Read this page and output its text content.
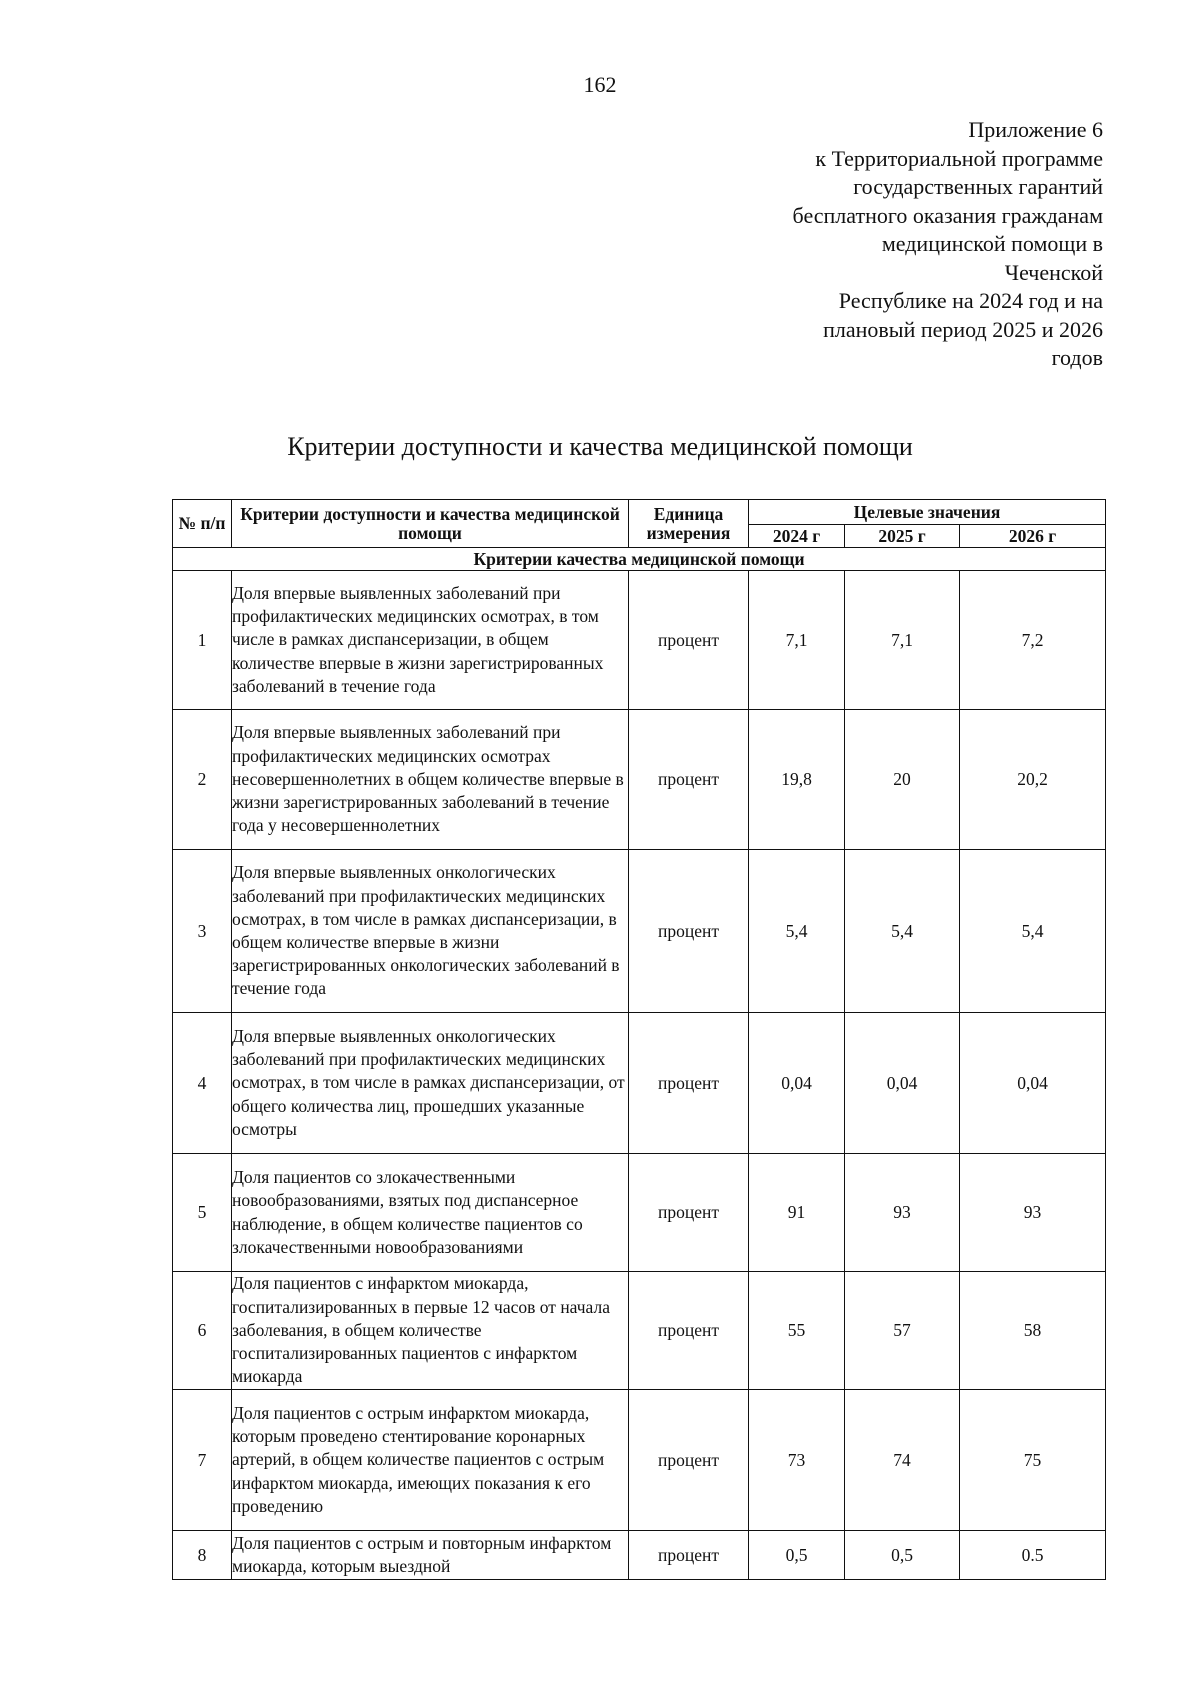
162
Приложение 6
к Территориальной программе
государственных гарантий
бесплатного оказания гражданам
медицинской помощи в
Чеченской
Республике на 2024 год и на
плановый период 2025 и 2026
годов
Критерии доступности и качества медицинской помощи
№ п/п	Критерии доступности и качества медицинской помощи	Единица измерения	Целевые значения		
			2024 г	2025 г	2026 г
Критерии качества медицинской помощи					
1	Доля впервые выявленных заболеваний при профилактических медицинских осмотрах, в том числе в рамках диспансеризации, в общем количестве впервые в жизни зарегистрированных заболеваний в течение года	процент	7,1	7,1	7,2
2	Доля впервые выявленных заболеваний при профилактических медицинских осмотрах несовершеннолетних в общем количестве впервые в жизни зарегистрированных заболеваний в течение года у несовершеннолетних	процент	19,8	20	20,2
3	Доля впервые выявленных онкологических заболеваний при профилактических медицинских осмотрах, в том числе в рамках диспансеризации, в общем количестве впервые в жизни зарегистрированных онкологических заболеваний в течение года	процент	5,4	5,4	5,4
4	Доля впервые выявленных онкологических заболеваний при профилактических медицинских осмотрах, в том числе в рамках диспансеризации, от общего количества лиц, прошедших указанные осмотры	процент	0,04	0,04	0,04
5	Доля пациентов со злокачественными новообразованиями, взятых под диспансерное наблюдение, в общем количестве пациентов со злокачественными новообразованиями	процент	91	93	93
6	Доля пациентов с инфарктом миокарда, госпитализированных в первые 12 часов от начала заболевания, в общем количестве госпитализированных пациентов с инфарктом миокарда	процент	55	57	58
7	Доля пациентов с острым инфарктом миокарда, которым проведено стентирование коронарных артерий, в общем количестве пациентов с острым инфарктом миокарда, имеющих показания к его проведению	процент	73	74	75
8	Доля пациентов с острым и повторным инфарктом миокарда, которым выездной	процент	0,5	0,5	0.5
